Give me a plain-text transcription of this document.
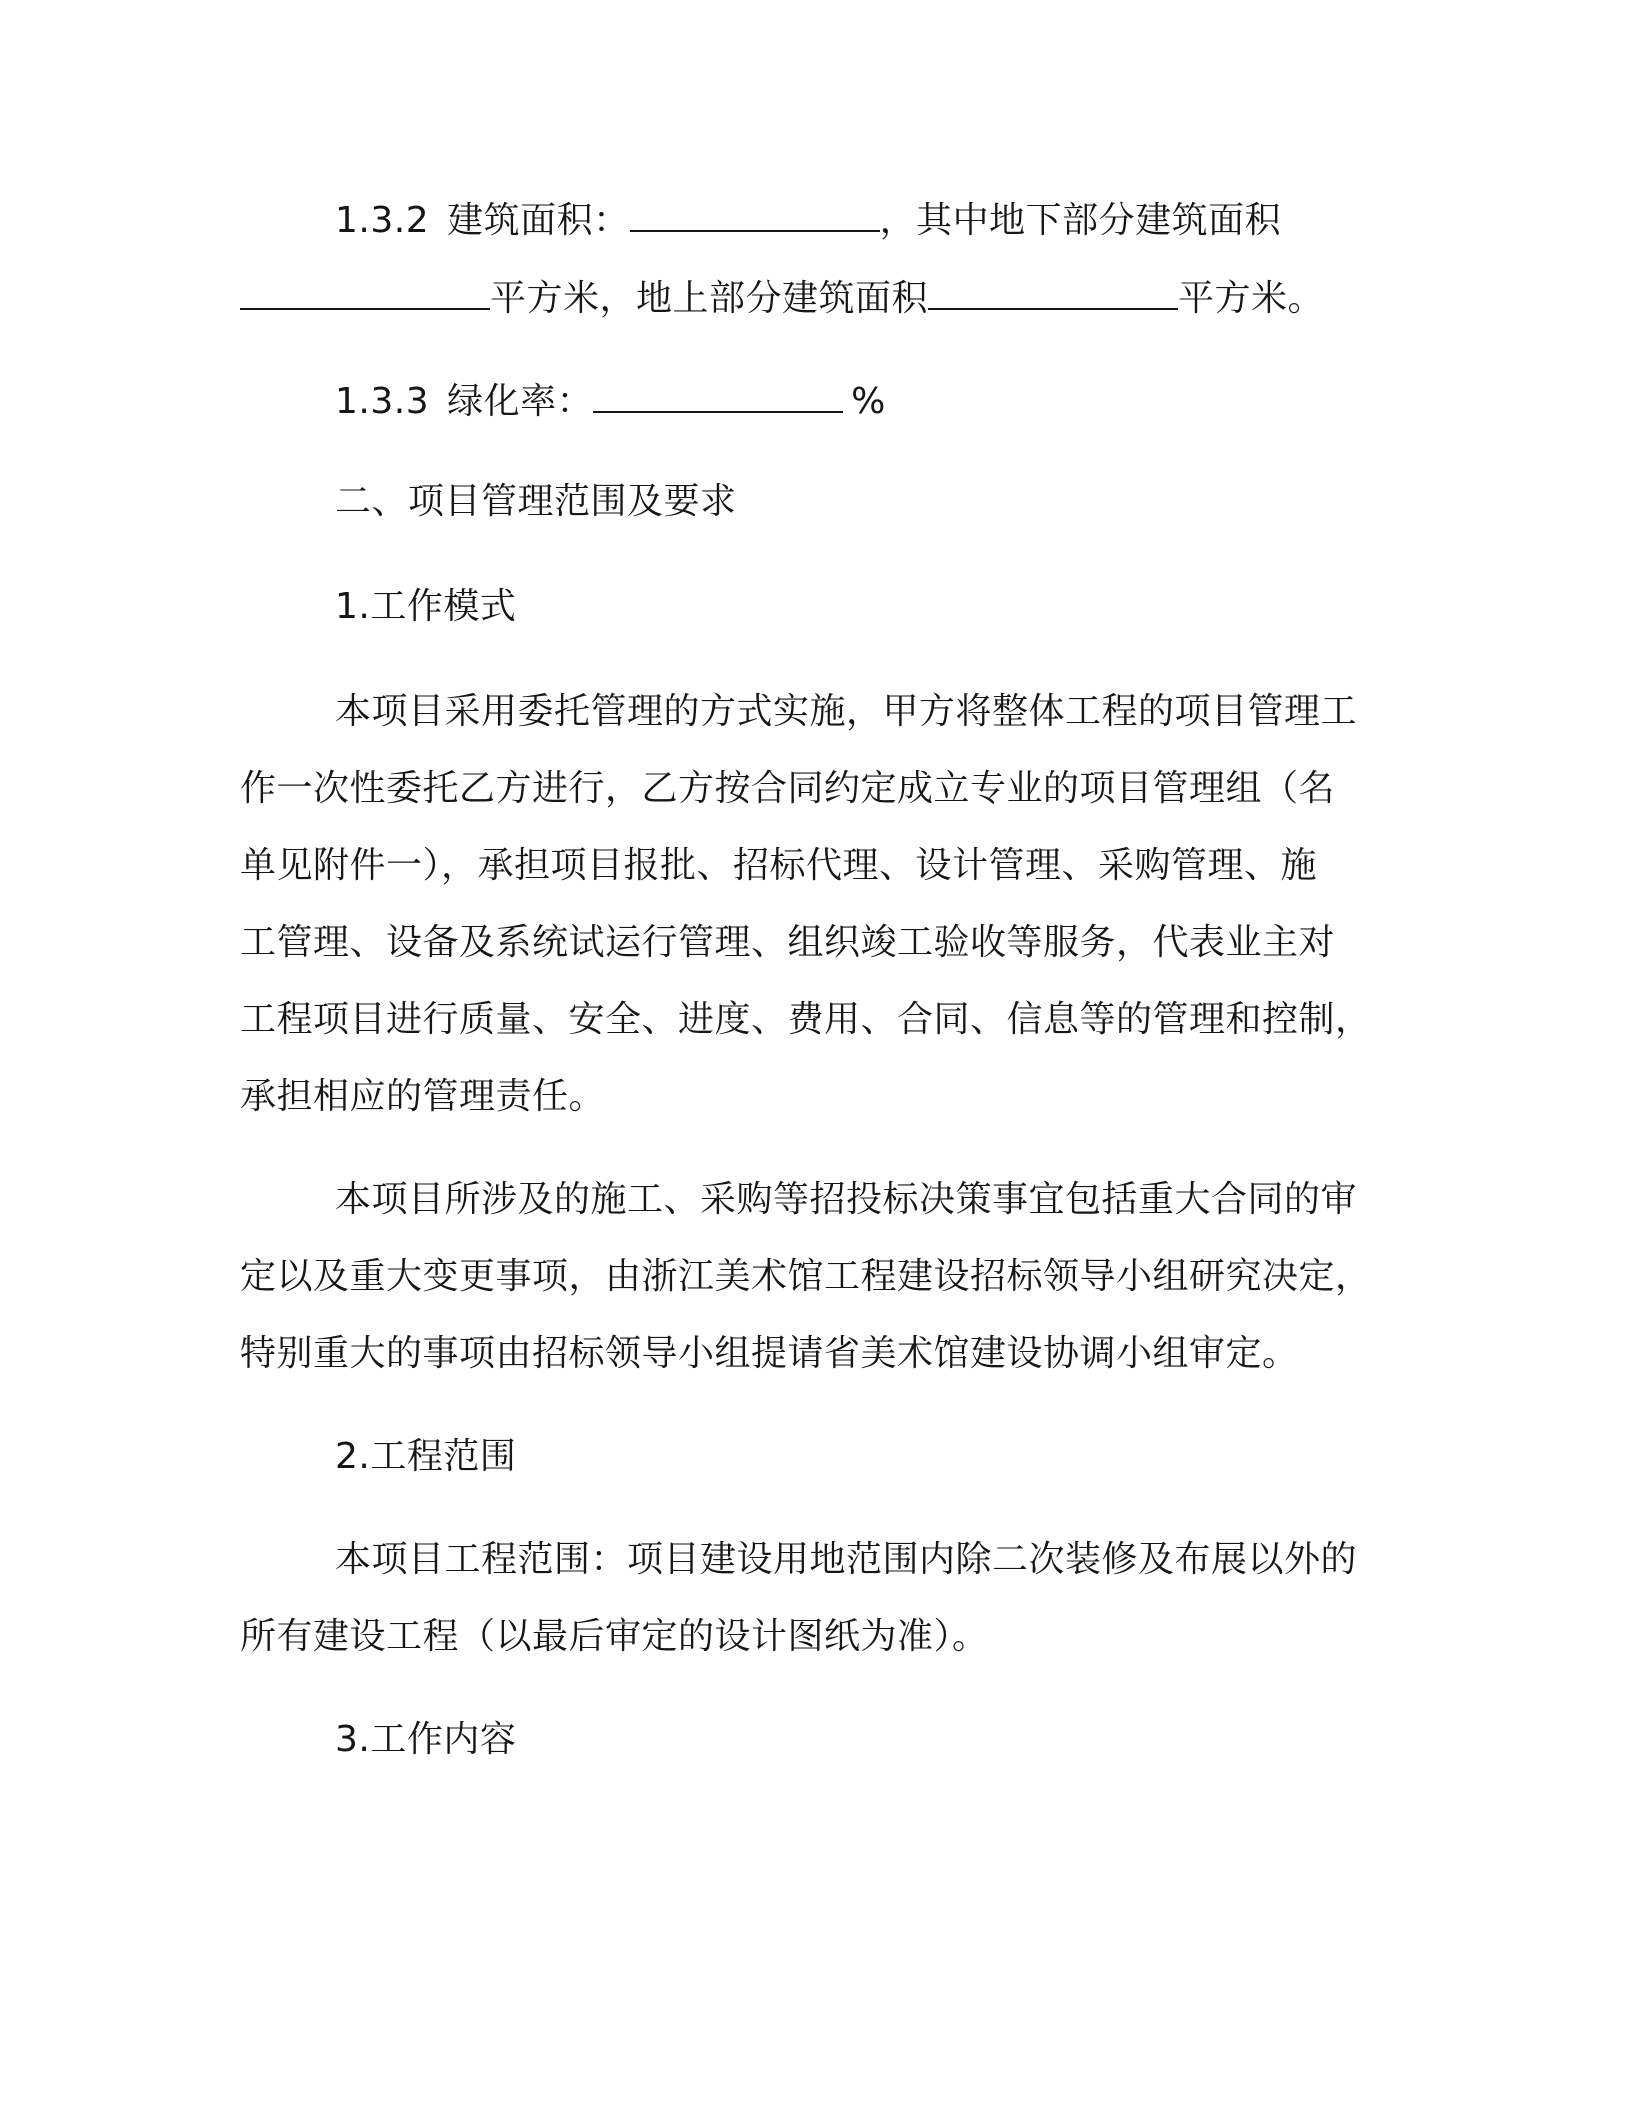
1.3.2 建筑面积：	，其中地下部分建筑面积

平方米，地上部分建筑面积	平方米。

1.3.3 绿化率：	%

二、项目管理范围及要求

1.工作模式

本项目采用委托管理的方式实施，甲方将整体工程的项目管理工

作一次性委托乙方进行，乙方按合同约定成立专业的项目管理组（名

单见附件一），承担项目报批、招标代理、设计管理、采购管理、施

工管理、设备及系统试运行管理、组织竣工验收等服务，代表业主对

工程项目进行质量、安全、进度、费用、合同、信息等的管理和控制，

承担相应的管理责任。

本项目所涉及的施工、采购等招投标决策事宜包括重大合同的审

定以及重大变更事项，由浙江美术馆工程建设招标领导小组研究决定，

特别重大的事项由招标领导小组提请省美术馆建设协调小组审定。

2.工程范围

本项目工程范围：项目建设用地范围内除二次装修及布展以外的

所有建设工程（以最后审定的设计图纸为准）。

3.工作内容
